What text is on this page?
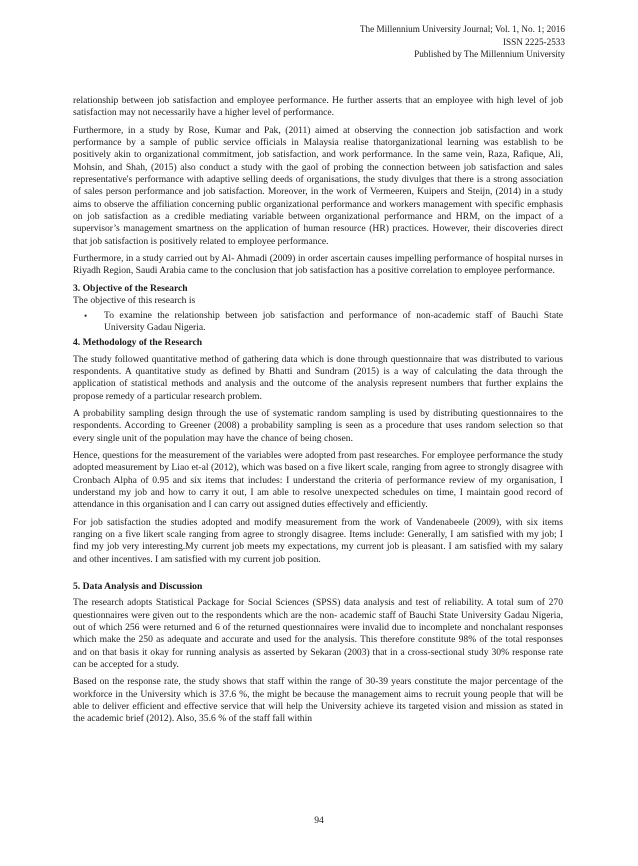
The Millennium University Journal; Vol. 1, No. 1; 2016
ISSN 2225-2533
Published by The Millennium University

relationship between job satisfaction and employee performance. He further asserts that an employee with high level of job satisfaction may not necessarily have a higher level of performance.

Furthermore, in a study by Rose, Kumar and Pak, (2011) aimed at observing the connection job satisfaction and work performance by a sample of public service officials in Malaysia realise thatorganizational learning was establish to be positively akin to organizational commitment, job satisfaction, and work performance. In the same vein, Raza, Rafique, Ali, Mohsin, and Shah, (2015) also conduct a study with the gaol of probing the connection between job satisfaction and sales representative's performance with adaptive selling deeds of organisations, the study divulges that there is a strong association of sales person performance and job satisfaction. Moreover, in the work of Vermeeren, Kuipers and Steijn, (2014) in a study aims to observe the affiliation concerning public organizational performance and workers management with specific emphasis on job satisfaction as a credible mediating variable between organizational performance and HRM, on the impact of a supervisor’s management smartness on the application of human resource (HR) practices. However, their discoveries direct that job satisfaction is positively related to employee performance.

Furthermore, in a study carried out by Al- Ahmadi (2009) in order ascertain causes impelling performance of hospital nurses in Riyadh Region, Saudi Arabia came to the conclusion that job satisfaction has a positive correlation to employee performance.

3. Objective of the Research

The objective of this research is

• To examine the relationship between job satisfaction and performance of non-academic staff of Bauchi State University Gadau Nigeria.
4. Methodology of the Research

The study followed quantitative method of gathering data which is done through questionnaire that was distributed to various respondents. A quantitative study as defined by Bhatti and Sundram (2015) is a way of calculating the data through the application of statistical methods and analysis and the outcome of the analysis represent numbers that further explains the propose remedy of a particular research problem.

A probability sampling design through the use of systematic random sampling is used by distributing questionnaires to the respondents. According to Greener (2008) a probability sampling is seen as a procedure that uses random selection so that every single unit of the population may have the chance of being chosen.

Hence, questions for the measurement of the variables were adopted from past researches. For employee performance the study adopted measurement by Liao et-al (2012), which was based on a five likert scale, ranging from agree to strongly disagree with Cronbach Alpha of 0.95 and six items that includes: I understand the criteria of performance review of my organisation, I understand my job and how to carry it out, I am able to resolve unexpected schedules on time, I maintain good record of attendance in this organisation and I can carry out assigned duties effectively and efficiently.

For job satisfaction the studies adopted and modify measurement from the work of Vandenabeele (2009), with six items ranging on a five likert scale ranging from agree to strongly disagree. Items include: Generally, I am satisfied with my job; I find my job very interesting.My current job meets my expectations, my current job is pleasant. I am satisfied with my salary and other incentives. I am satisfied with my current job position.

5. Data Analysis and Discussion

The research adopts Statistical Package for Social Sciences (SPSS) data analysis and test of reliability. A total sum of 270 questionnaires were given out to the respondents which are the non- academic staff of Bauchi State University Gadau Nigeria, out of which 256 were returned and 6 of the returned questionnaires were invalid due to incomplete and nonchalant responses which make the 250 as adequate and accurate and used for the analysis. This therefore constitute 98% of the total responses and on that basis it okay for running analysis as asserted by Sekaran (2003) that in a cross-sectional study 30% response rate can be accepted for a study.

Based on the response rate, the study shows that staff within the range of 30-39 years constitute the major percentage of the workforce in the University which is 37.6 %, the might be because the management aims to recruit young people that will be able to deliver efficient and effective service that will help the University achieve its targeted vision and mission as stated in the academic brief (2012). Also, 35.6 % of the staff fall within

94
